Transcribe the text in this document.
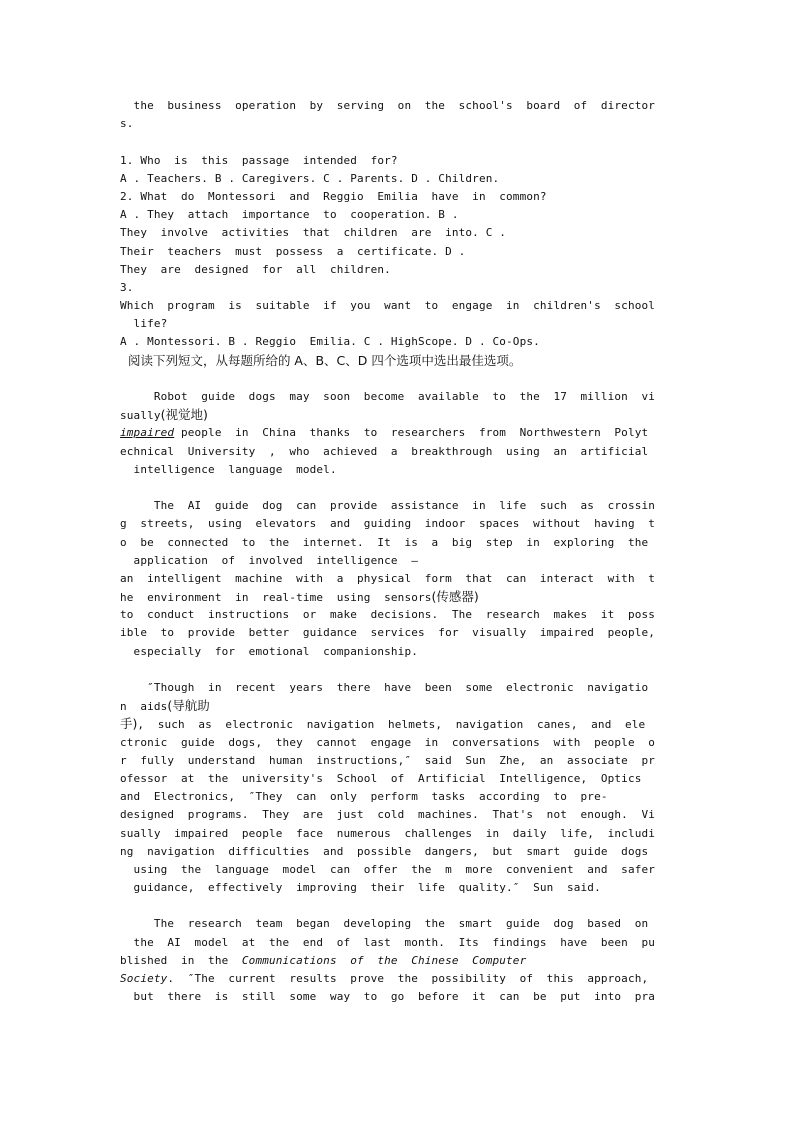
the  business  operation  by  serving  on  the  school's  board  of  director
s.
1. Who  is  this  passage  intended  for?
A . Teachers. B . Caregivers. C . Parents. D . Children.
2. What  do  Montessori  and  Reggio  Emilia  have  in  common?
A . They  attach  importance  to  cooperation. B .
They  involve  activities  that  children  are  into. C .
Their  teachers  must  possess  a  certificate. D .
They  are  designed  for  all  children.
3.
Which  program  is  suitable  if  you  want  to  engage  in  children's  school
life?
A . Montessori. B . Reggio  Emilia. C . HighScope. D . Co-Ops.
阅读下列短文，从每题所给的 A、B、C、D 四个选项中选出最佳选项。
Robot  guide  dogs  may  soon  become  available  to  the  17  million  vi
sually(视觉地)
impaired people  in  China  thanks  to  researchers  from  Northwestern  Polyt
echnical  University  ,  who  achieved  a  breakthrough  using  an  artificial
intelligence  language  model.
The  AI  guide  dog  can  provide  assistance  in  life  such  as  crossin
g  streets,  using  elevators  and  guiding  indoor  spaces  without  having  t
o  be  connected  to  the  internet.  It  is  a  big  step  in  exploring  the
application  of  involved  intelligence  —
an  intelligent  machine  with  a  physical  form  that  can  interact  with  t
he  environment  in  real-time  using  sensors(传感器)
to  conduct  instructions  or  make  decisions.  The  research  makes  it  poss
ible  to  provide  better  guidance  services  for  visually  impaired  people,
especially  for  emotional  companionship.
″Though  in  recent  years  there  have  been  some  electronic  navigatio
n  aids(导航助
手),  such  as  electronic  navigation  helmets,  navigation  canes,  and  ele
ctronic  guide  dogs,  they  cannot  engage  in  conversations  with  people  o
r  fully  understand  human  instructions,″  said  Sun  Zhe,  an  associate  pr
ofessor  at  the  university's  School  of  Artificial  Intelligence,  Optics
and  Electronics,  ″They  can  only  perform  tasks  according  to  pre-
designed  programs.  They  are  just  cold  machines.  That's  not  enough.  Vi
sually  impaired  people  face  numerous  challenges  in  daily  life,  includi
ng  navigation  difficulties  and  possible  dangers,  but  smart  guide  dogs
using  the  language  model  can  offer  the  m  more  convenient  and  safer
guidance,  effectively  improving  their  life  quality.″  Sun  said.
The  research  team  began  developing  the  smart  guide  dog  based  on
the  AI  model  at  the  end  of  last  month.  Its  findings  have  been  pu
blished  in  the  Communications  of  the  Chinese  Computer
Society.  ″The  current  results  prove  the  possibility  of  this  approach,
but  there  is  still  some  way  to  go  before  it  can  be  put  into  pra
